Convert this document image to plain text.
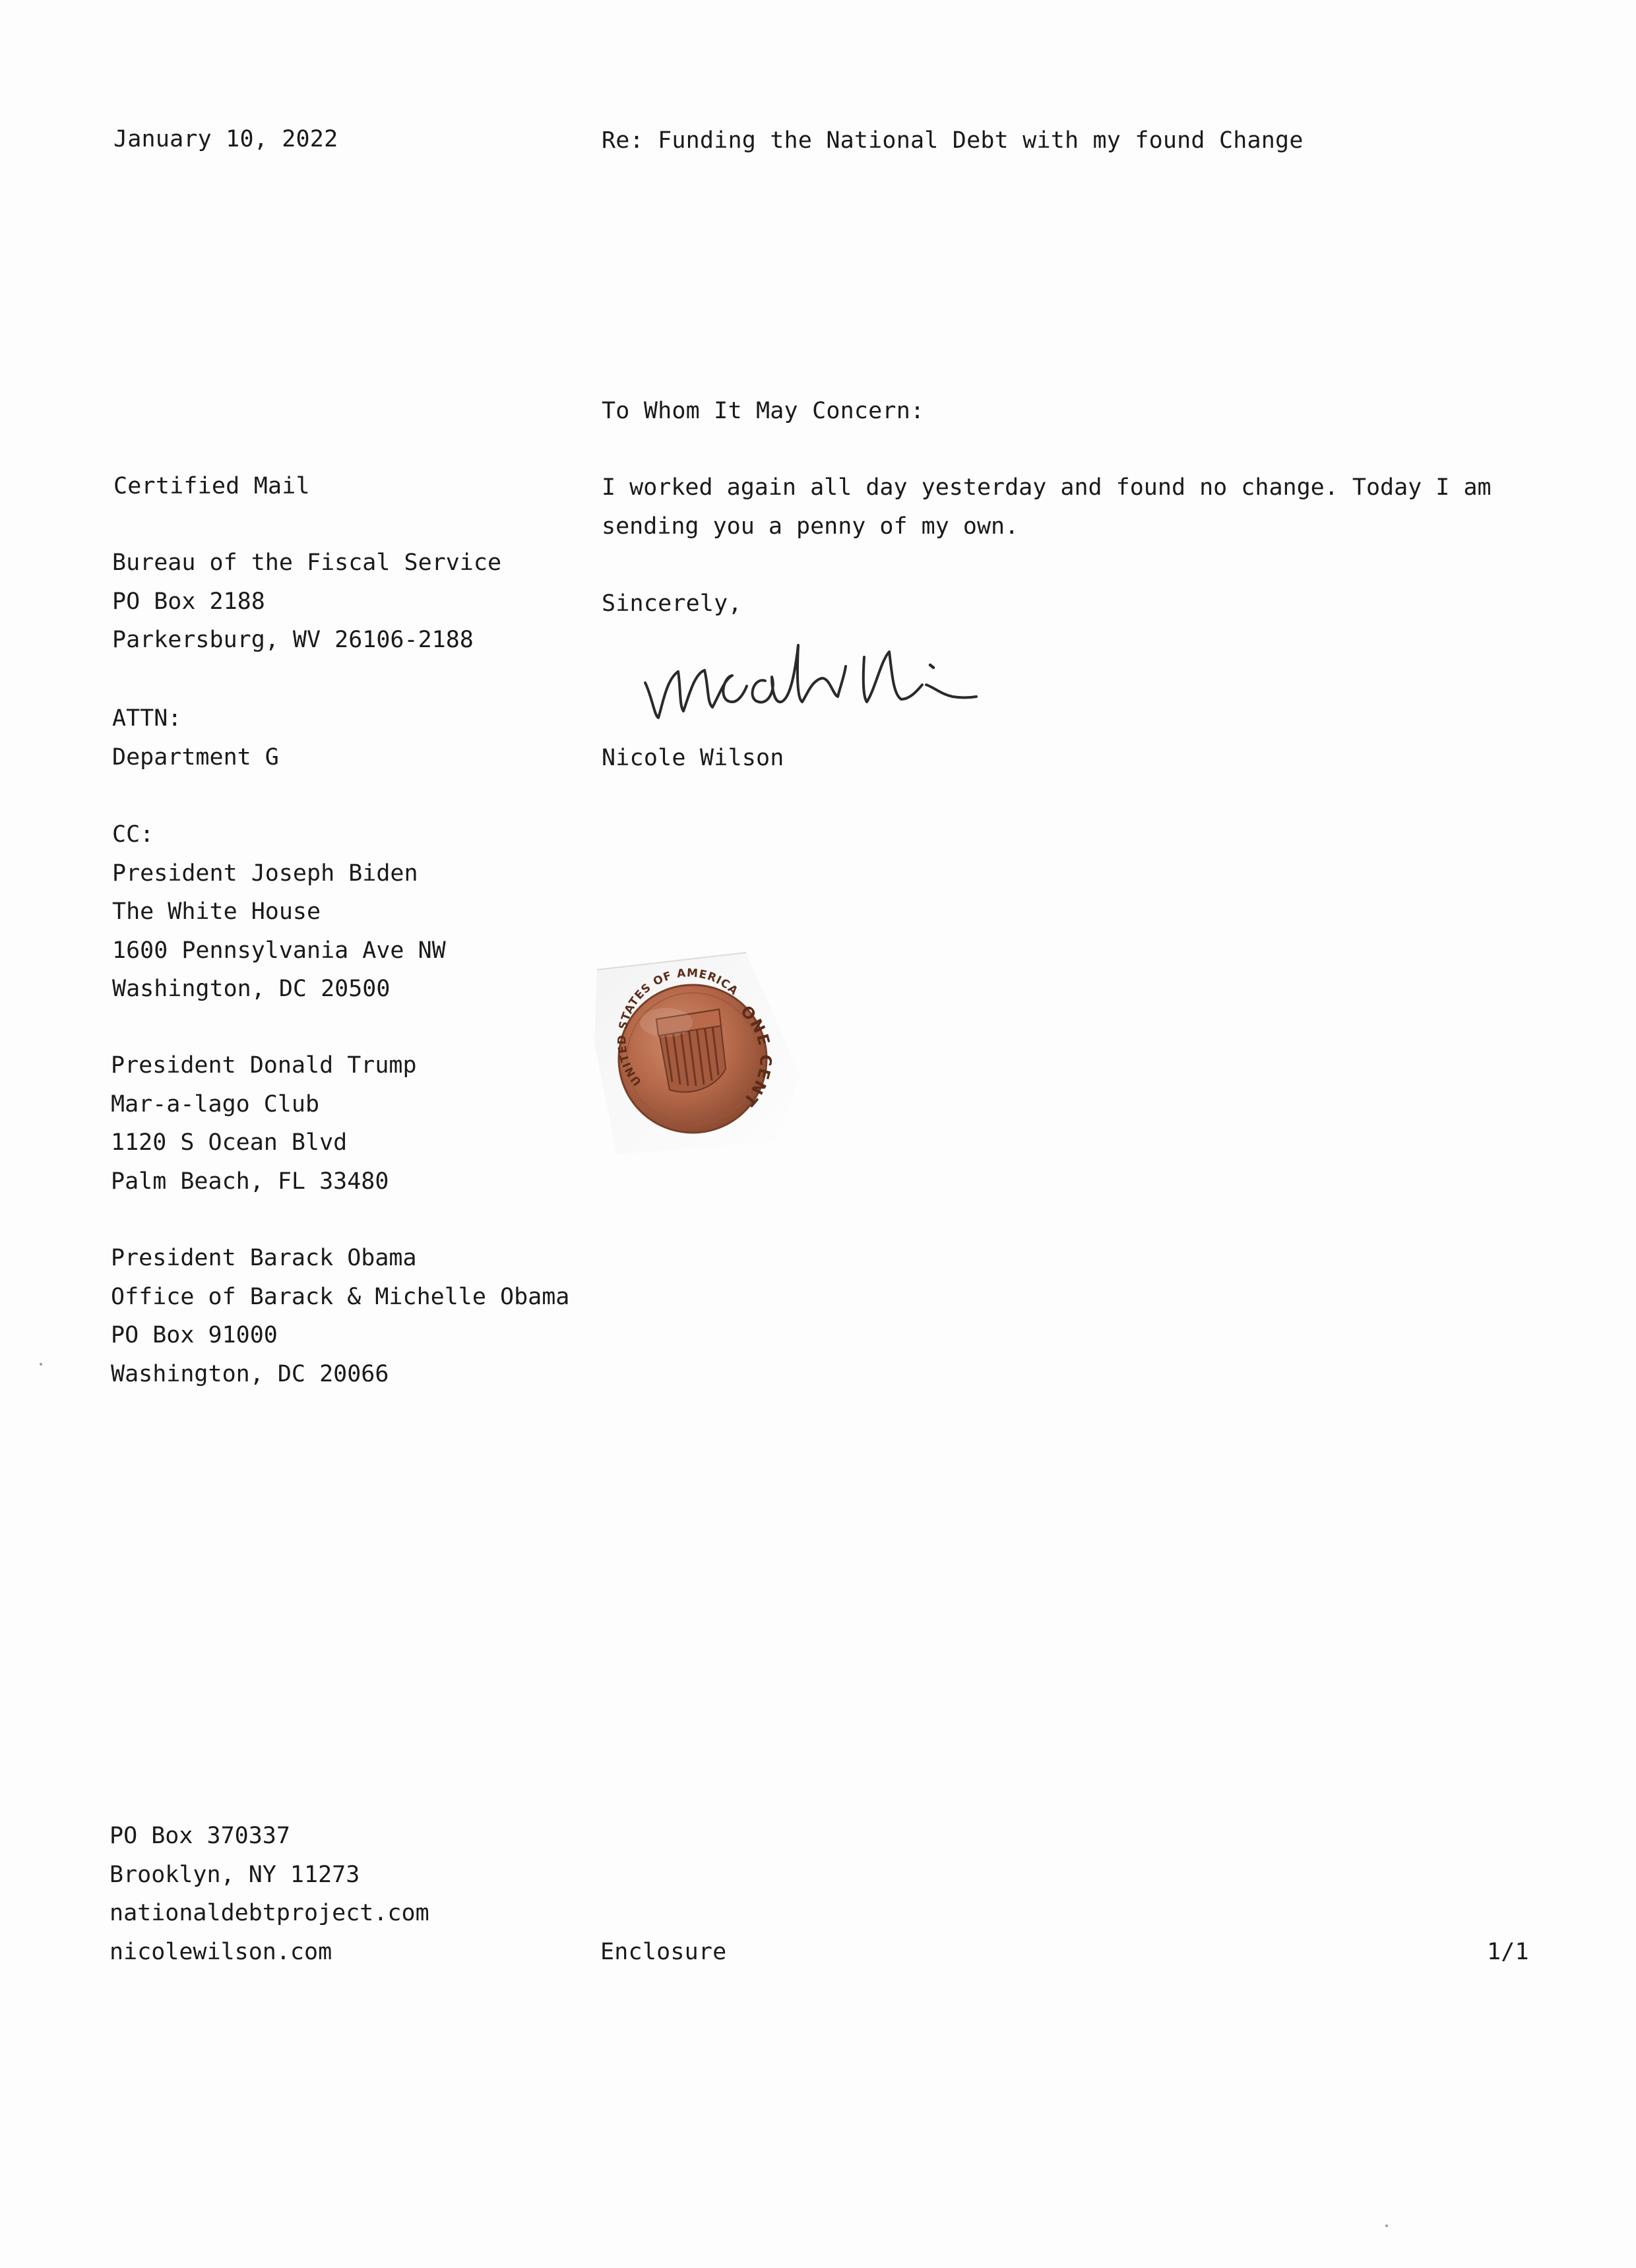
January 10, 2022	Re: Funding the National Debt with my found Change
To Whom It May Concern:
I worked again all day yesterday and found no change. Today I am
sending you a penny of my own.
Sincerely,
Nicole Wilson
Certified Mail
Bureau of the Fiscal Service
PO Box 2188
Parkersburg, WV 26106-2188
ATTN:
Department G
CC:
President Joseph Biden
The White House
1600 Pennsylvania Ave NW
Washington, DC 20500
President Donald Trump
Mar-a-lago Club
1120 S Ocean Blvd
Palm Beach, FL 33480
President Barack Obama
Office of Barack & Michelle Obama
PO Box 91000
Washington, DC 20066
UNITED STATES OF AMERICA
ONE CENT
PO Box 370337
Brooklyn, NY 11273
nationaldebtproject.com
nicolewilson.com	Enclosure	1/1
